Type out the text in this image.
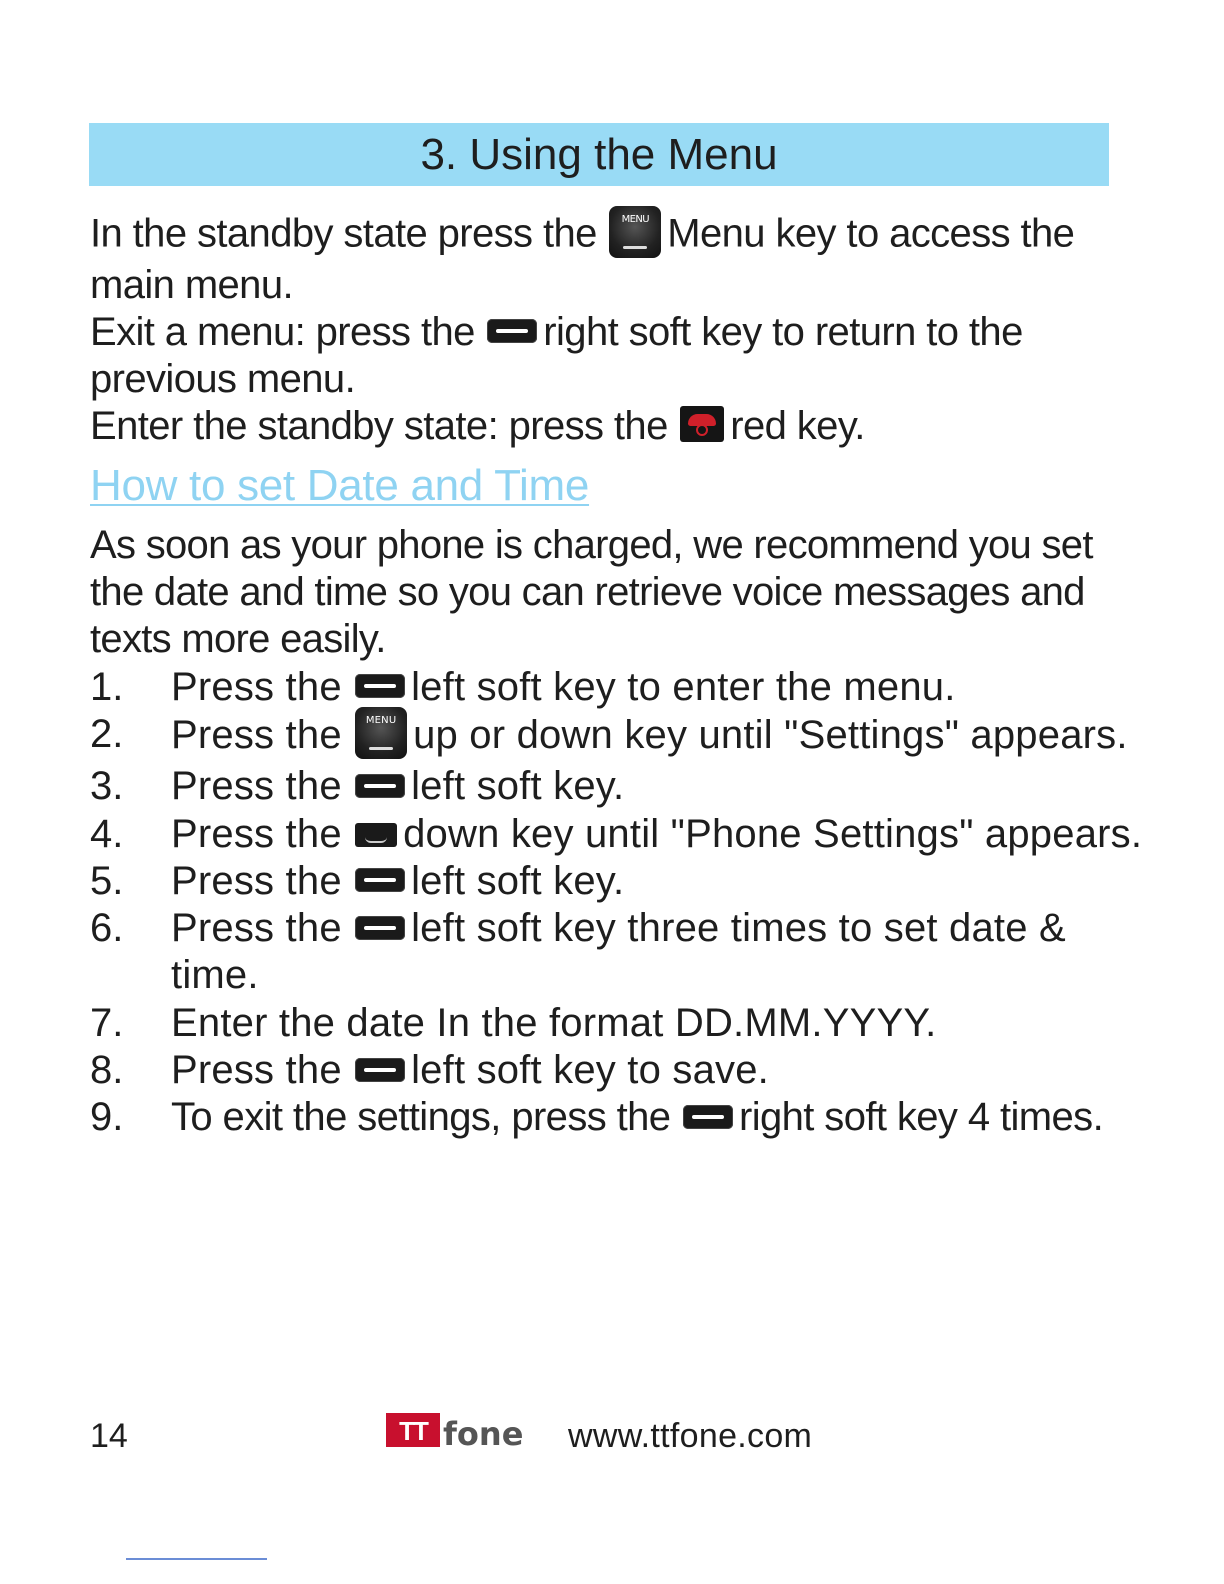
3. Using the Menu

In the standby state press the	MENU Menu key to access the main menu.

Exit a menu: press the right soft key to return to the previous menu.

Enter the standby state: press the red key.

How to set Date and Time

As soon as your phone is charged, we recommend you set the date and time so you can retrieve voice messages and texts more easily.

1. Press the left soft key to enter the menu.
2. Press the	MENU up or down key until "Settings" appears.
3. Press the left soft key.
4. Press the down key until "Phone Settings" appears.
5. Press the left soft key.
6. Press the left soft key three times to set date & time.
7. Enter the date In the format DD.MM.YYYY.
8. Press the left soft key to save.
9. To exit the settings, press the right soft key 4 times.
14	TT fone www.ttfone.com
